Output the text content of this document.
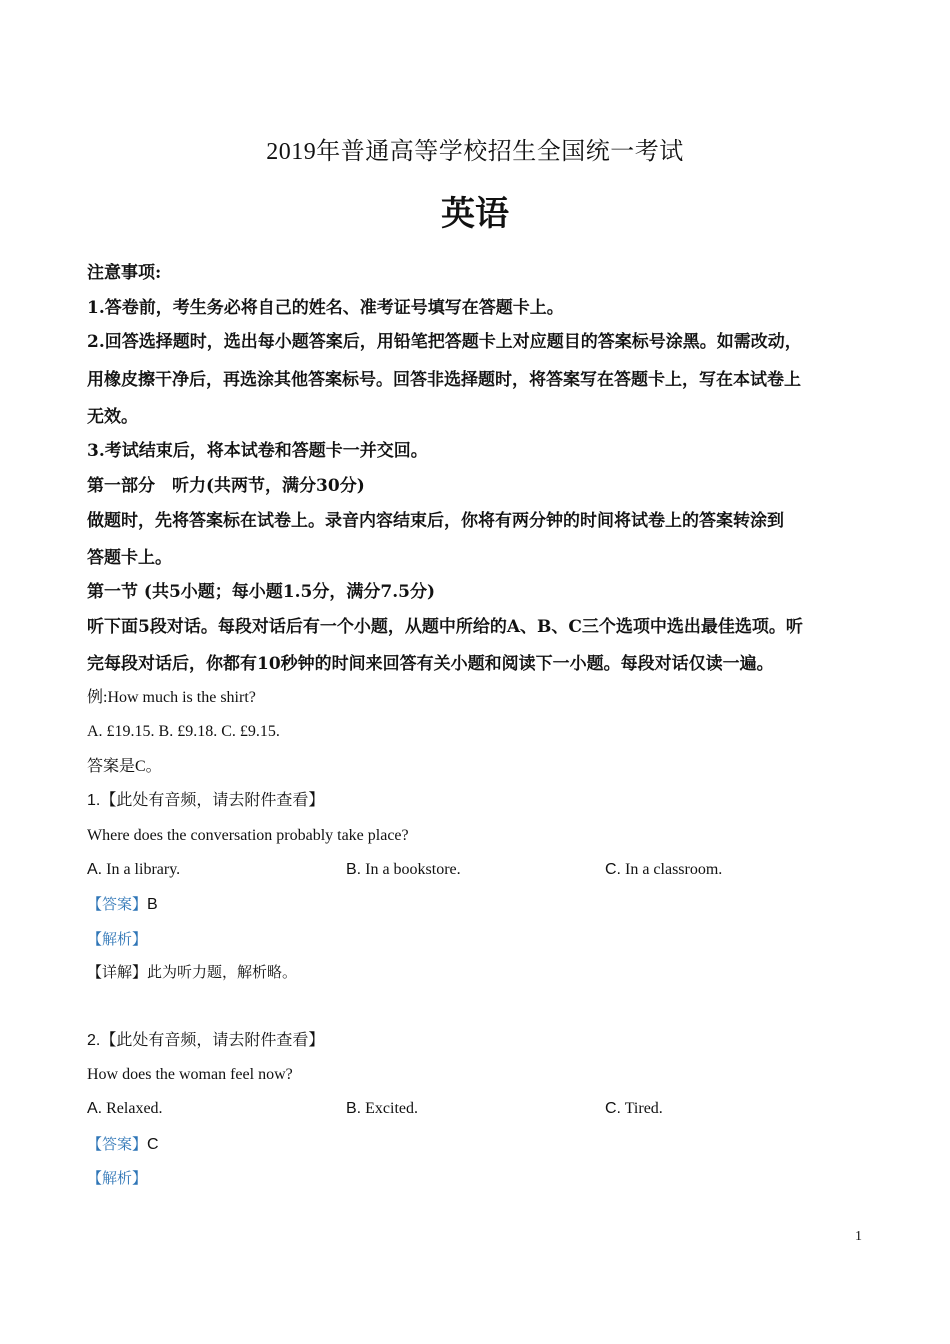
2019年普通高等学校招生全国统一考试
英语
注意事项:
1.答卷前，考生务必将自己的姓名、准考证号填写在答题卡上。
2.回答选择题时，选出每小题答案后，用铅笔把答题卡上对应题目的答案标号涂黑。如需改动，
用橡皮擦干净后，再选涂其他答案标号。回答非选择题时，将答案写在答题卡上，写在本试卷上
无效。
3.考试结束后，将本试卷和答题卡一并交回。
第一部分　听力(共两节，满分30分)
做题时，先将答案标在试卷上。录音内容结束后，你将有两分钟的时间将试卷上的答案转涂到
答题卡上。
第一节 (共5小题；每小题1.5分，满分7.5分)
听下面5段对话。每段对话后有一个小题，从题中所给的A、B、C三个选项中选出最佳选项。听
完每段对话后，你都有10秒钟的时间来回答有关小题和阅读下一小题。每段对话仅读一遍。
例:How much is the shirt?
A. £19.15. B. £9.18. C. £9.15.
答案是C。
1.【此处有音频，请去附件查看】
Where does the conversation probably take place?
A. In a library.	B. In a bookstore.	C. In a classroom.
【答案】B
【解析】
【详解】此为听力题，解析略。
2.【此处有音频，请去附件查看】
How does the woman feel now?
A. Relaxed.	B. Excited.	C. Tired.
【答案】C
【解析】
1
